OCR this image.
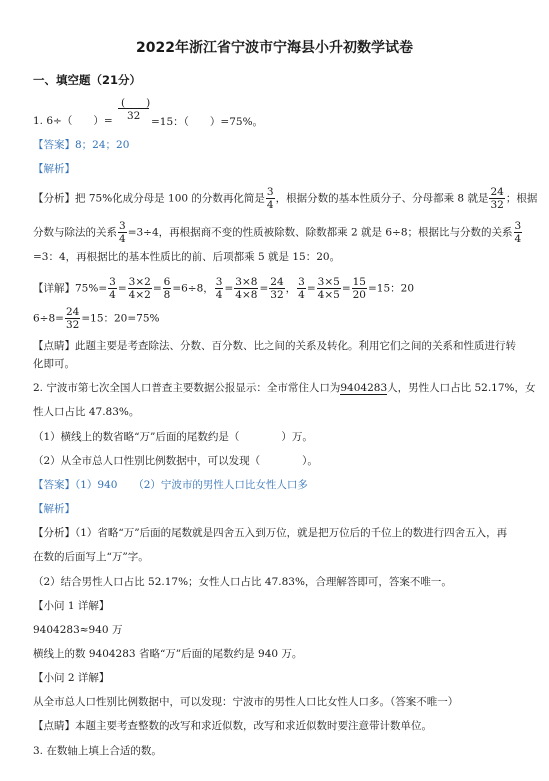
2022年浙江省宁波市宁海县小升初数学试卷
一、填空题（21分）
(　　)
32
1. 6÷（　　）=	=15：（　　）=75%。
【答案】8；24；20
【解析】
【分析】把 75%化成分母是 100 的分数再化简是 $\frac{3}{4}$ ，根据分数的基本性质分子、分母都乘 8 就是 $\frac{24}{32}$ ；根据
分数与除法的关系 $\frac{3}{4} =3\div 4$，再根据商不变的性质被除数、除数都乘 2 就是 6÷8；根据比与分数的关系 $\frac{3}{4}$
=3：4，再根据比的基本性质比的前、后项都乘 5 就是 15：20。
【详解】$75\%= \frac{3}{4} = \frac{3\times 2}{4\times 2} = \frac{6}{8} =6\div 8$， $\frac{3}{4} = \frac{3\times 8}{4\times 8} = \frac{24}{32}$ ， $\frac{3}{4} = \frac{3\times 5}{4\times 5} = \frac{15}{20} =15$：20
$6\div 8= \frac{24}{32} =15$：20=75%
【点睛】此题主要是考查除法、分数、百分数、比之间的关系及转化。利用它们之间的关系和性质进行转
化即可。
2. 宁波市第七次全国人口普查主要数据公报显示：全市常住人口为9404283人，男性人口占比 52.17%，女
性人口占比 47.83%。
（1）横线上的数省略“万”后面的尾数约是（　　　　）万。
（2）从全市总人口性别比例数据中，可以发现（　　　　）。
【答案】（1）940　　（2）宁波市的男性人口比女性人口多
【解析】
【分析】（1）省略“万”后面的尾数就是四舍五入到万位，就是把万位后的千位上的数进行四舍五入，再
在数的后面写上“万”字。
（2）结合男性人口占比 52.17%；女性人口占比 47.83%，合理解答即可，答案不唯一。
【小问 1 详解】
9404283≈940 万
横线上的数 9404283 省略“万”后面的尾数约是 940 万。
【小问 2 详解】
从全市总人口性别比例数据中，可以发现：宁波市的男性人口比女性人口多。（答案不唯一）
【点睛】本题主要考查整数的改写和求近似数，改写和求近似数时要注意带计数单位。
3. 在数轴上填上合适的数。
